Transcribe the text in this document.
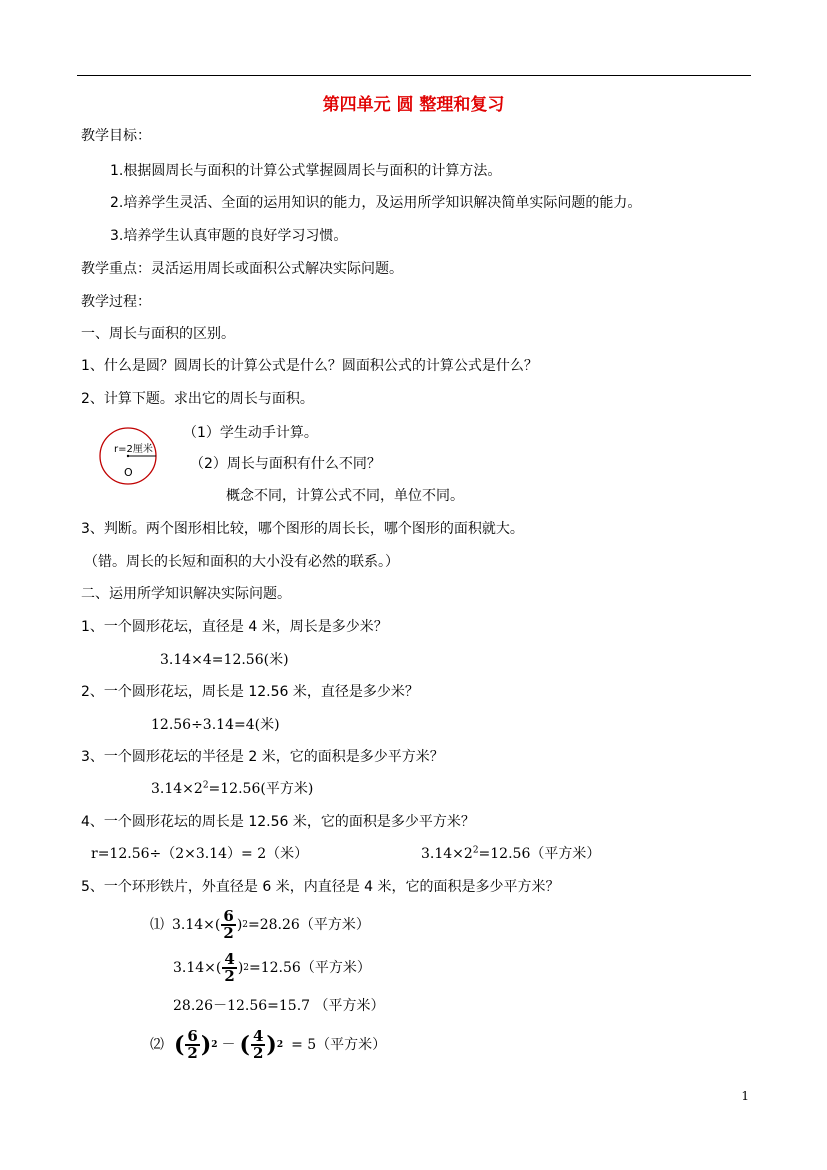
第四单元 圆 整理和复习
教学目标：
1.根据圆周长与面积的计算公式掌握圆周长与面积的计算方法。
2.培养学生灵活、全面的运用知识的能力，及运用所学知识解决简单实际问题的能力。
3.培养学生认真审题的良好学习习惯。
教学重点：灵活运用周长或面积公式解决实际问题。
教学过程：
一、周长与面积的区别。
1、什么是圆？圆周长的计算公式是什么？圆面积公式的计算公式是什么？
2、计算下题。求出它的周长与面积。
r=2厘米
O
（1）学生动手计算。
（2）周长与面积有什么不同？
概念不同，计算公式不同，单位不同。
3、判断。两个图形相比较，哪个图形的周长长，哪个图形的面积就大。
（错。周长的长短和面积的大小没有必然的联系。）
二、运用所学知识解决实际问题。
1、一个圆形花坛，直径是 4 米，周长是多少米？
3.14×4=12.56(米)
2、一个圆形花坛，周长是 12.56 米，直径是多少米？
12.56÷3.14=4(米)
3、一个圆形花坛的半径是 2 米，它的面积是多少平方米？
$3.14\times 2^2=12.56$(平方米)
4、一个圆形花坛的周长是 12.56 米，它的面积是多少平方米？
r=12.56÷（2×3.14）= 2（米）	$3.14\times 2^2=12.56$（平方米）
5、一个环形铁片，外直径是 6 米，内直径是 4 米，它的面积是多少平方米？
⑴ $3.14\times( \frac{6}{2}$ ) 2 =28.26（平方米）
$3.14\times( \frac{4}{2}$ ) 2 =12.56（平方米）
28.26－12.56=15.7 （平方米）
⑵ ( $\frac{6}{2}$ ) 2 － ( $\frac{4}{2}$ ) 2 = 5（平方米）
1
